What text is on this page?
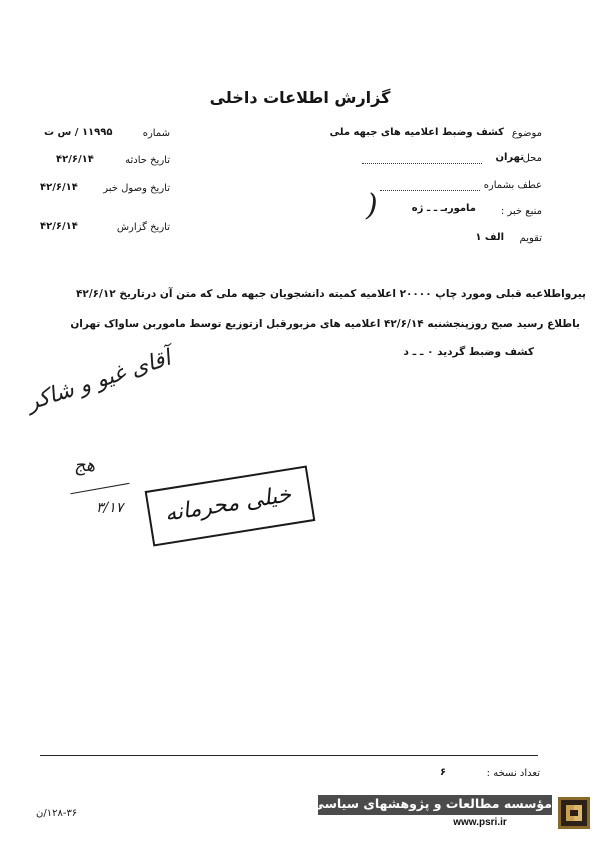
گزارش اطلاعات داخلی
موضوع
کشف وضبط اعلامیه های جبهه ملی
محل
تهران
عطف بشماره
منبع خبر :
ماموربـ ـ ـ ژه
تقویم
الف ۱
)
شماره
۱۱۹۹۵ / س ت
تاریخ حادثه
۴۲/۶/۱۴
تاریخ وصول خبر
۴۲/۶/۱۴
تاریخ گزارش
۴۲/۶/۱۴
پیرواطلاعیه قبلی ومورد چاپ ۲۰۰۰۰ اعلامیه کمیته دانشجویان جبهه ملی که متن آن درتاریخ ۴۲/۶/۱۲
باطلاع رسید صبح روزپنجشنبه ۴۲/۶/۱۴ اعلامیه های مزبورقبل ازتوزیع توسط ماموربن ساواک تهران
کشف وضبط گردید ۰ ـ ـ د
آقای غیو و شاکر
هج
۳/۱۷ خیلی محرمانه
تعداد نسخه :
۶
۱۲۸-۳۶/ن
مؤسسه مطالعات و پژوهشهای سیاسی
www.psri.ir
